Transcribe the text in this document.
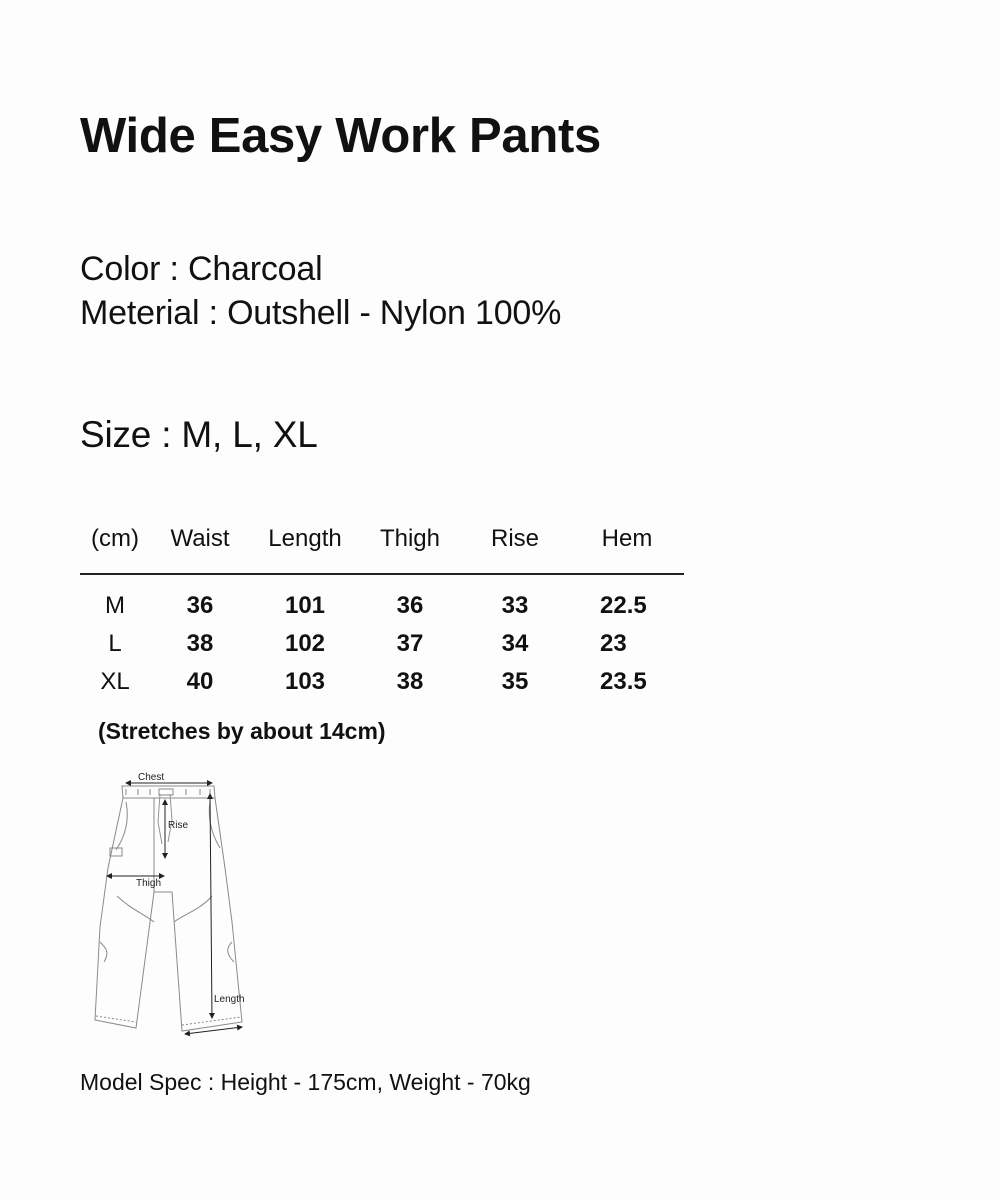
Wide Easy Work Pants
Color : Charcoal
Meterial : Outshell - Nylon 100%
Size : M, L, XL
(cm)	Waist	Length	Thigh	Rise	Hem
M	36	101	36	33	22.5
L	38	102	37	34	23
XL	40	103	38	35	23.5
(Stretches by about 14cm)
Chest
Rise
Thigh
Length
Model Spec : Height - 175cm, Weight - 70kg
